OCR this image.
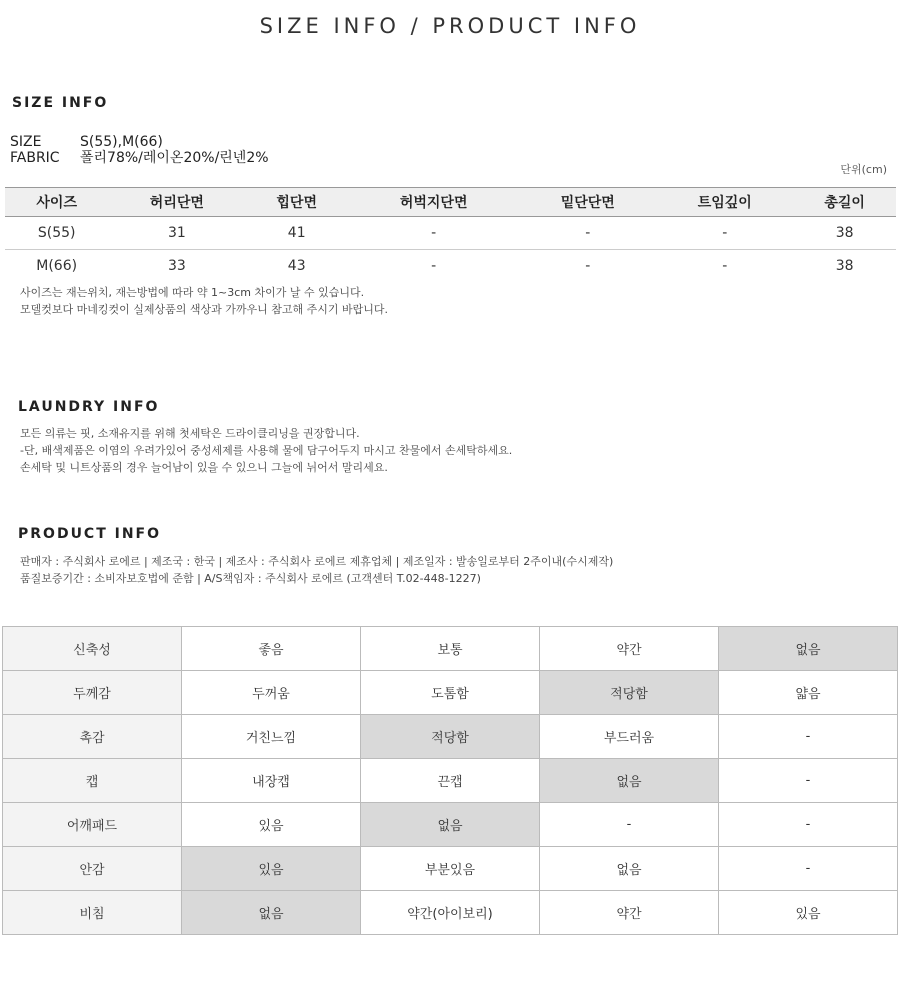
SIZE INFO / PRODUCT INFO
SIZE INFO
SIZE	S(55),M(66)
FABRIC 폴리78%/레이온20%/린넨2%
단위(cm)
사이즈	허리단면	힙단면	허벅지단면	밑단단면	트임깊이	총길이
S(55)	31	41	-	-	-	38
M(66)	33	43	-	-	-	38
사이즈는 재는위치, 재는방법에 따라 약 1~3cm 차이가 날 수 있습니다.
모델컷보다 마네킹컷이 실제상품의 색상과 가까우니 참고해 주시기 바랍니다.
LAUNDRY INFO
모든 의류는 핏, 소재유지를 위해 첫세탁은 드라이클리닝을 권장합니다.
-단, 배색제품은 이염의 우려가있어 중성세제를 사용해 물에 담구어두지 마시고 찬물에서 손세탁하세요.
손세탁 및 니트상품의 경우 늘어남이 있을 수 있으니 그늘에 뉘어서 말리세요.
PRODUCT INFO
판매자 : 주식회사 로에르 | 제조국 : 한국 | 제조사 : 주식회사 로에르 제휴업체 | 제조일자 : 발송일로부터 2주이내(수시제작)
품질보증기간 : 소비자보호법에 준함 | A/S책임자 : 주식회사 로에르 (고객센터 T.02-448-1227)
신축성	좋음	보통	약간	없음
두께감	두꺼움	도톰함	적당함	얇음
촉감	거친느낌	적당함	부드러움	-
캡	내장캡	끈캡	없음	-
어깨패드	있음	없음	-	-
안감	있음	부분있음	없음	-
비침	없음	약간(아이보리)	약간	있음
